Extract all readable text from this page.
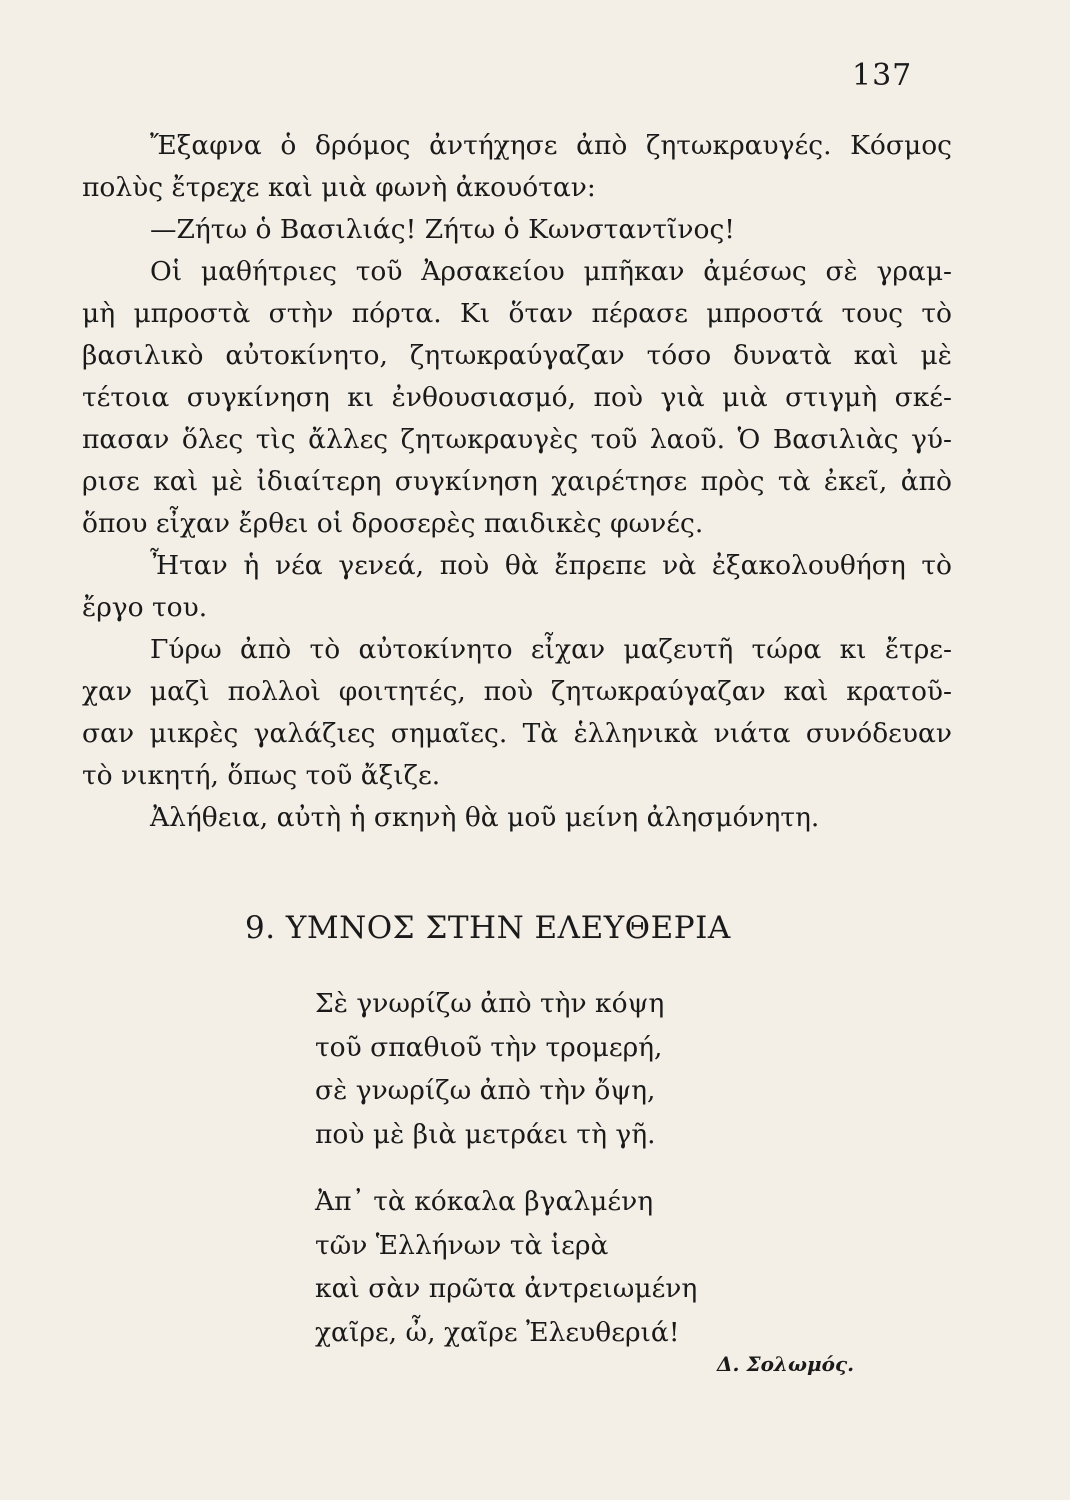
137
Ἔξαφνα ὁ δρόμος ἀντήχησε ἀπὸ ζητωκραυγές. Κόσμος
πολὺς ἔτρεχε καὶ μιὰ φωνὴ ἀκουόταν:
—Ζήτω ὁ Βασιλιάς! Ζήτω ὁ Κωνσταντῖνος!
Οἱ μαθήτριες τοῦ Ἀρσακείου μπῆκαν ἀμέσως σὲ γραμ-
μὴ μπροστὰ στὴν πόρτα. Κι ὅταν πέρασε μπροστά τους τὸ
βασιλικὸ αὐτοκίνητο, ζητωκραύγαζαν τόσο δυνατὰ καὶ μὲ
τέτοια συγκίνηση κι ἐνθουσιασμό, ποὺ γιὰ μιὰ στιγμὴ σκέ-
πασαν ὅλες τὶς ἄλλες ζητωκραυγὲς τοῦ λαοῦ. Ὁ Βασιλιὰς γύ-
ρισε καὶ μὲ ἰδιαίτερη συγκίνηση χαιρέτησε πρὸς τὰ ἐκεῖ, ἀπὸ
ὅπου εἶχαν ἔρθει οἱ δροσερὲς παιδικὲς φωνές.
Ἦταν ἡ νέα γενεά, ποὺ θὰ ἔπρεπε νὰ ἐξακολουθήση τὸ
ἔργο του.
Γύρω ἀπὸ τὸ αὐτοκίνητο εἶχαν μαζευτῆ τώρα κι ἔτρε-
χαν μαζὶ πολλοὶ φοιτητές, ποὺ ζητωκραύγαζαν καὶ κρατοῦ-
σαν μικρὲς γαλάζιες σημαῖες. Τὰ ἑλληνικὰ νιάτα συνόδευαν
τὸ νικητή, ὅπως τοῦ ἄξιζε.
Ἀλήθεια, αὐτὴ ἡ σκηνὴ θὰ μοῦ μείνη ἀλησμόνητη.
9. ΥΜΝΟΣ ΣΤΗΝ ΕΛΕΥΘΕΡΙΑ
Σὲ γνωρίζω ἀπὸ τὴν κόψη
τοῦ σπαθιοῦ τὴν τρομερή,
σὲ γνωρίζω ἀπὸ τὴν ὄψη,
ποὺ μὲ βιὰ μετράει τὴ γῆ.
Ἀπ᾿ τὰ κόκαλα βγαλμένη
τῶν Ἑλλήνων τὰ ἱερὰ
καὶ σὰν πρῶτα ἀντρειωμένη
χαῖρε, ὦ, χαῖρε Ἐλευθεριά!
Δ. Σολωμός.
